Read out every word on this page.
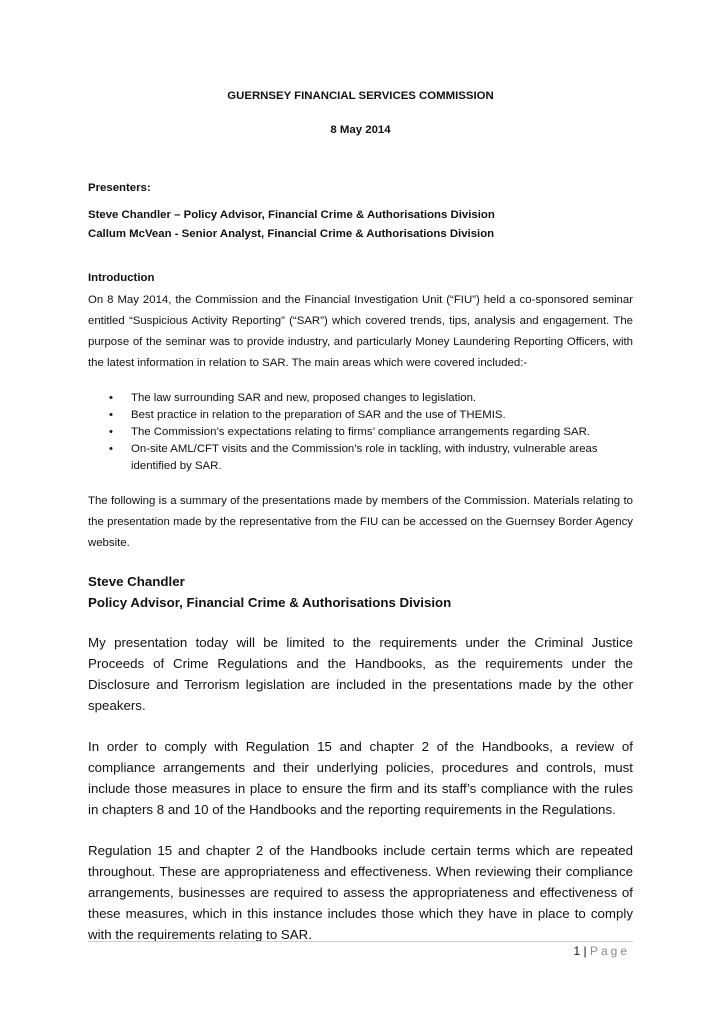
GUERNSEY FINANCIAL SERVICES COMMISSION

8 May 2014

Presenters:

Steve Chandler – Policy Advisor, Financial Crime & Authorisations Division
Callum McVean - Senior Analyst, Financial Crime & Authorisations Division

Introduction

On 8 May 2014, the Commission and the Financial Investigation Unit (“FIU”) held a co-sponsored seminar entitled “Suspicious Activity Reporting” (“SAR”) which covered trends, tips, analysis and engagement. The purpose of the seminar was to provide industry, and particularly Money Laundering Reporting Officers, with the latest information in relation to SAR. The main areas which were covered included:-

• The law surrounding SAR and new, proposed changes to legislation.
• Best practice in relation to the preparation of SAR and the use of THEMIS.
• The Commission’s expectations relating to firms’ compliance arrangements regarding SAR.
• On-site AML/CFT visits and the Commission’s role in tackling, with industry, vulnerable areas identified by SAR.

The following is a summary of the presentations made by members of the Commission. Materials relating to the presentation made by the representative from the FIU can be accessed on the Guernsey Border Agency website.

Steve Chandler

Policy Advisor, Financial Crime & Authorisations Division

My presentation today will be limited to the requirements under the Criminal Justice Proceeds of Crime Regulations and the Handbooks, as the requirements under the Disclosure and Terrorism legislation are included in the presentations made by the other speakers.

In order to comply with Regulation 15 and chapter 2 of the Handbooks, a review of compliance arrangements and their underlying policies, procedures and controls, must include those measures in place to ensure the firm and its staff’s compliance with the rules in chapters 8 and 10 of the Handbooks and the reporting requirements in the Regulations.

Regulation 15 and chapter 2 of the Handbooks include certain terms which are repeated throughout. These are appropriateness and effectiveness. When reviewing their compliance arrangements, businesses are required to assess the appropriateness and effectiveness of these measures, which in this instance includes those which they have in place to comply with the requirements relating to SAR.

1 | Page
